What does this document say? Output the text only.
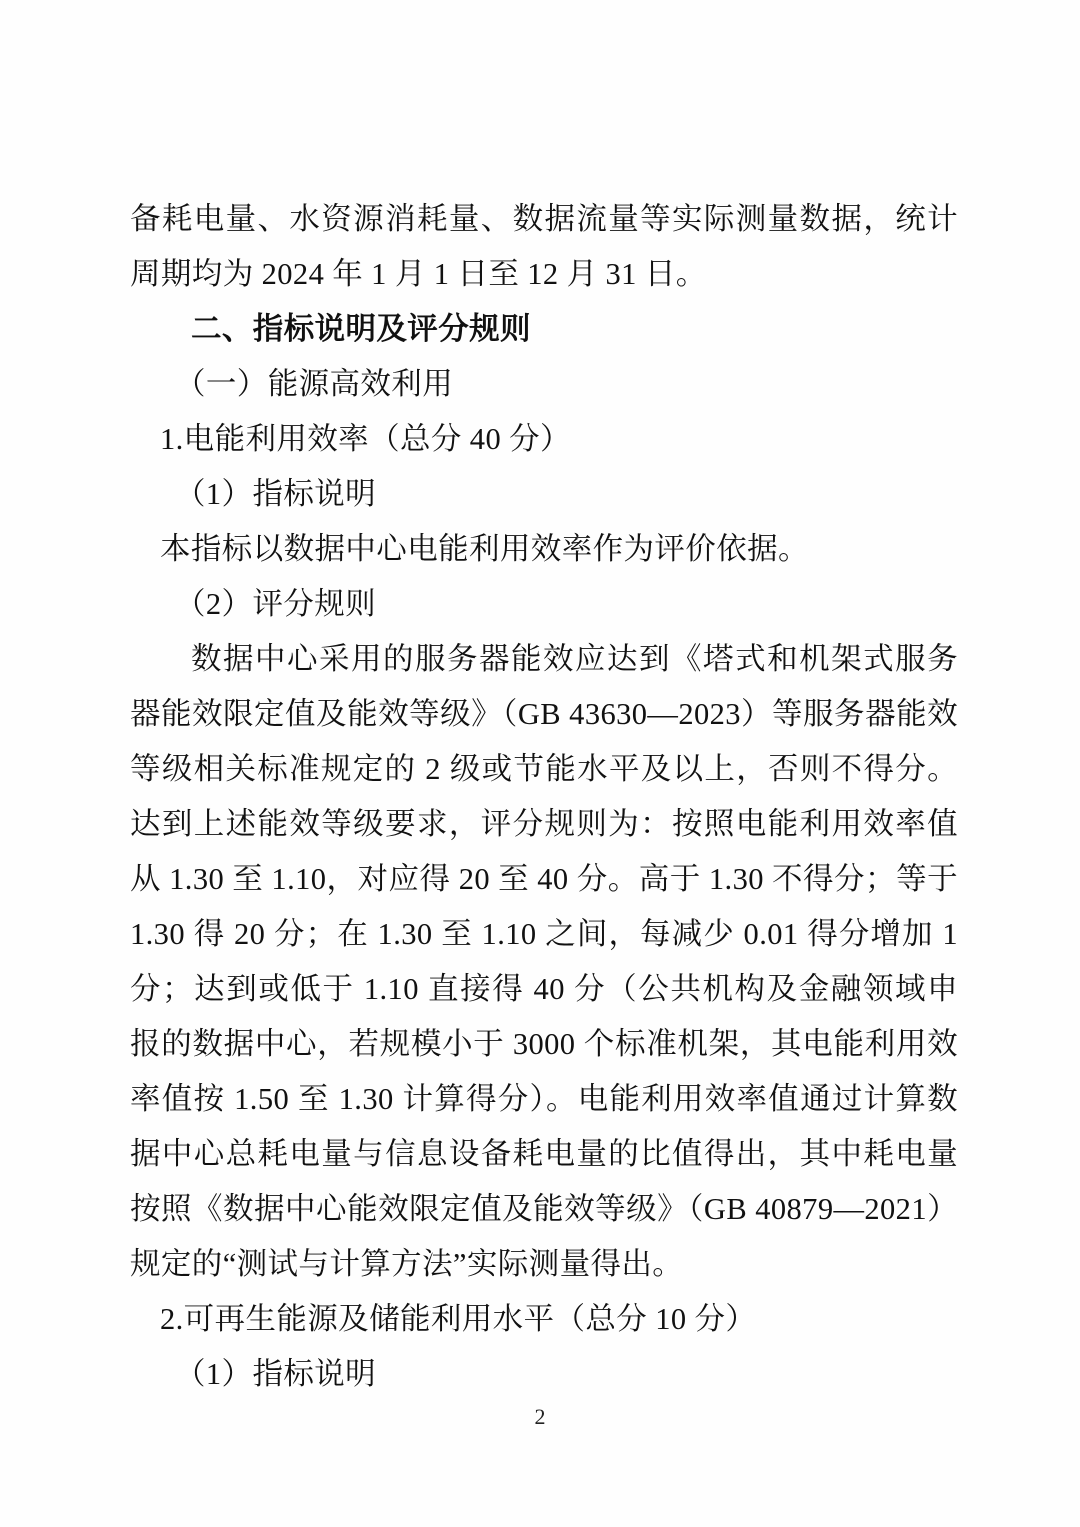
备耗电量、水资源消耗量、数据流量等实际测量数据，统计周期均为 2024 年 1 月 1 日至 12 月 31 日。

二、指标说明及评分规则

（一）能源高效利用

1.电能利用效率（总分 40 分）

（1）指标说明

本指标以数据中心电能利用效率作为评价依据。

（2）评分规则

数据中心采用的服务器能效应达到《塔式和机架式服务器能效限定值及能效等级》（GB 43630—2023）等服务器能效等级相关标准规定的 2 级或节能水平及以上，否则不得分。达到上述能效等级要求，评分规则为：按照电能利用效率值从 1.30 至 1.10，对应得 20 至 40 分。高于 1.30 不得分；等于 1.30 得 20 分；在 1.30 至 1.10 之间，每减少 0.01 得分增加 1 分；达到或低于 1.10 直接得 40 分（公共机构及金融领域申报的数据中心，若规模小于 3000 个标准机架，其电能利用效率值按 1.50 至 1.30 计算得分）。电能利用效率值通过计算数据中心总耗电量与信息设备耗电量的比值得出，其中耗电量按照《数据中心能效限定值及能效等级》（GB 40879—2021）规定的“测试与计算方法”实际测量得出。

2.可再生能源及储能利用水平（总分 10 分）

（1）指标说明

2
